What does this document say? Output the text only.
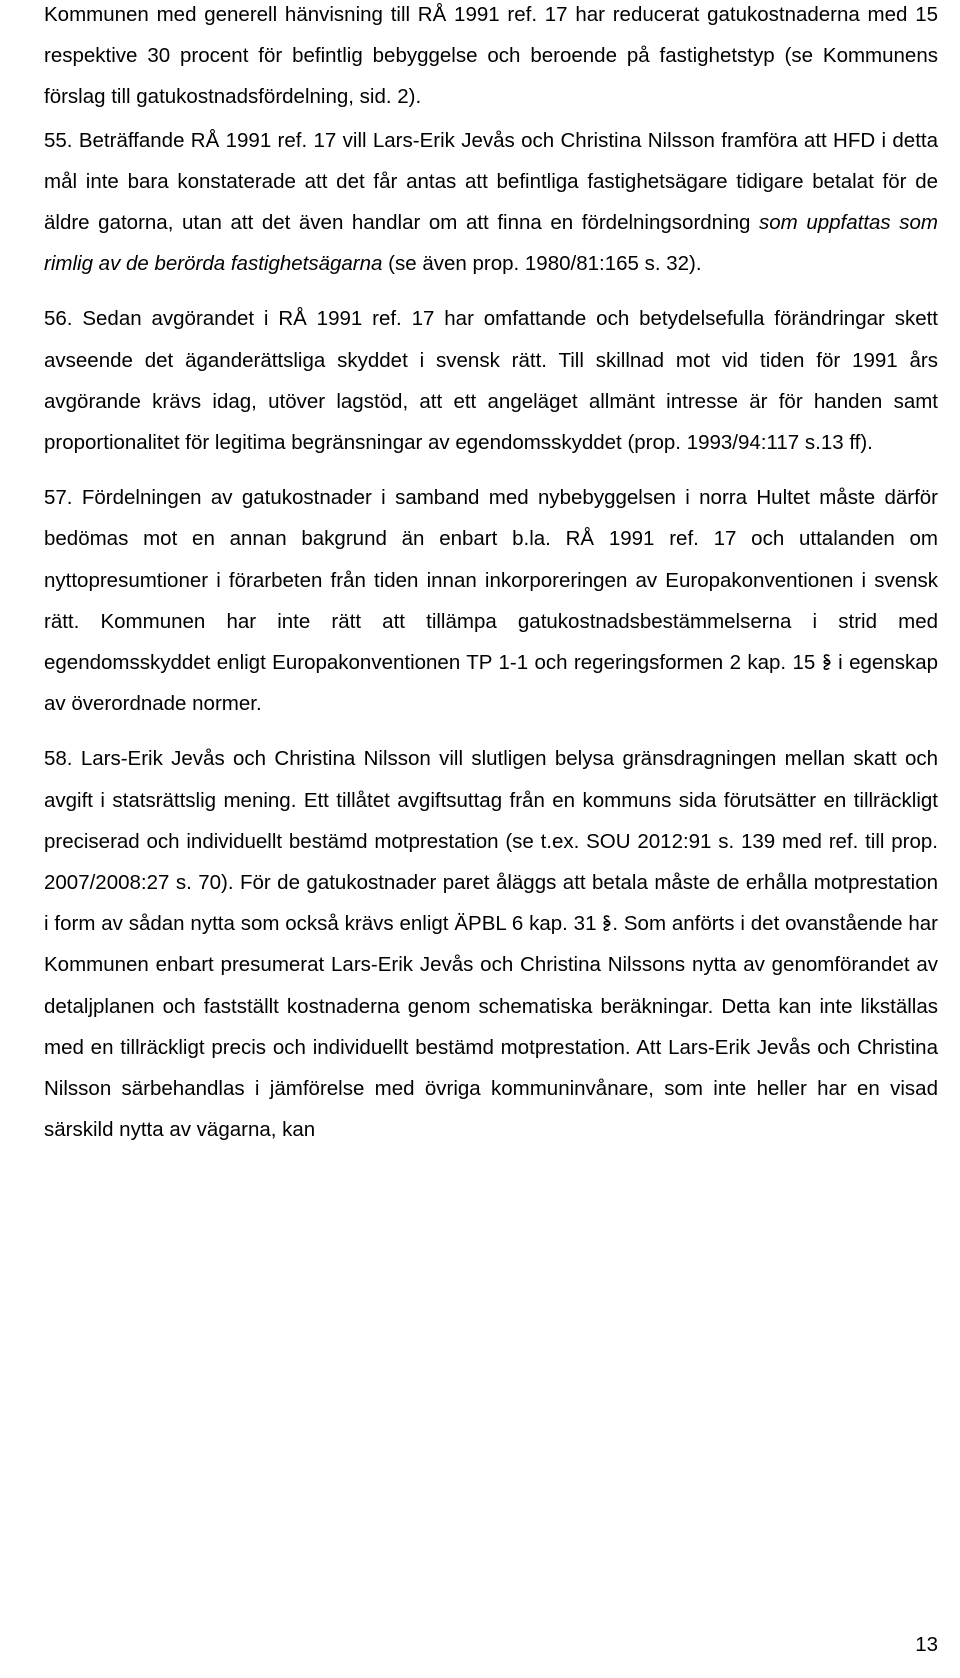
Kommunen med generell hänvisning till RÅ 1991 ref. 17 har reducerat gatukostnaderna med 15 respektive 30 procent för befintlig bebyggelse och beroende på fastighetstyp (se Kommunens förslag till gatukostnadsfördelning, sid. 2).

55. Beträffande RÅ 1991 ref. 17 vill Lars-Erik Jevås och Christina Nilsson framföra att HFD i detta mål inte bara konstaterade att det får antas att befintliga fastighetsägare tidigare betalat för de äldre gatorna, utan att det även handlar om att finna en fördelningsordning som uppfattas som rimlig av de berörda fastighetsägarna (se även prop. 1980/81:165 s. 32).

56. Sedan avgörandet i RÅ 1991 ref. 17 har omfattande och betydelsefulla förändringar skett avseende det äganderättsliga skyddet i svensk rätt. Till skillnad mot vid tiden för 1991 års avgörande krävs idag, utöver lagstöd, att ett angeläget allmänt intresse är för handen samt proportionalitet för legitima begränsningar av egendomsskyddet (prop. 1993/94:117 s.13 ff).

57. Fördelningen av gatukostnader i samband med nybebyggelsen i norra Hultet måste därför bedömas mot en annan bakgrund än enbart b.la. RÅ 1991 ref. 17 och uttalanden om nyttopresumtioner i förarbeten från tiden innan inkorporeringen av Europakonventionen i svensk rätt. Kommunen har inte rätt att tillämpa gatukostnadsbestämmelserna i strid med egendomsskyddet enligt Europakonventionen TP 1-1 och regeringsformen 2 kap. 15 i egenskap av överordnade normer.

58. Lars-Erik Jevås och Christina Nilsson vill slutligen belysa gränsdragningen mellan skatt och avgift i statsrättslig mening. Ett tillåtet avgiftsuttag från en kommuns sida förutsätter en tillräckligt preciserad och individuellt bestämd motprestation (se t.ex. SOU 2012:91 s. 139 med ref. till prop. 2007/2008:27 s. 70). För de gatukostnader paret åläggs att betala måste de erhålla motprestation i form av sådan nytta som också krävs enligt ÄPBL 6 kap. 31 . Som anförts i det ovanstående har Kommunen enbart presumerat Lars-Erik Jevås och Christina Nilssons nytta av genomförandet av detaljplanen och fastställt kostnaderna genom schematiska beräkningar. Detta kan inte likställas med en tillräckligt precis och individuellt bestämd motprestation. Att Lars-Erik Jevås och Christina Nilsson särbehandlas i jämförelse med övriga kommuninvånare, som inte heller har en visad särskild nytta av vägarna, kan

13
